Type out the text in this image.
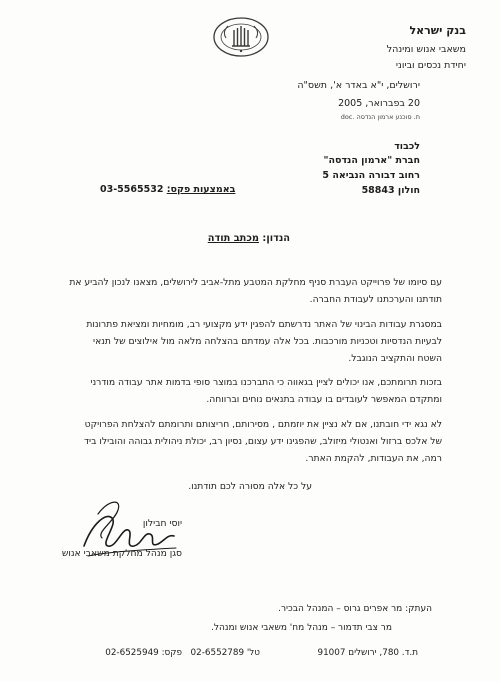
בנק ישראל
משאבי אנוש ומינהל
יחידת נכסים וביוני
ירושלים, י"א באדר א', תשס"ה
20 בפברואר, 2005
ת. סוכנע ארמון הנדסה .doc
לכבוד
חברת "ארמון הנדסה"
רחוב דבורה הנביאה 5
חולון 58843
באמצעות פקס: 03-5565532
הנדון: מכתב תודה
עם סיומו של פרוייקט העברת סניף מחלקת המטבע מתל-אביב לירושלים, מצאנו לנכון להביע את
תודתנו והערכתנו לעבודת החברה.
במסגרת עבודות הבינוי של האתר נדרשתם להפגין ידע מקצועי רב, מומחיות ומציאת פתרונות
לבעיות הנדסיות וטכניות מורכבות. בכל אלה עמדתם בהצלחה מלאה מול אילוצים של תנאי
השטח והתקציב הנוגבל.
בזכות תרומתכם, אנו יכולים לציין בגאווה כי התברכנו במוצר סופי בדמות אתר עבודה מודרני
ומתקדם המאפשר לעובדים בו עבודה בתנאים נוחים וברווחה.
לא נגא ידי חובתנו, אם לא נציין את יוזמתם , מסירותם, חריצותם ותרומתם להצלחת הפרויקט
של אלכס ברזול ואנטולי מיזולב, שהפגינו ידע עצום, נסיון רב, יכולת ניהולית גבוהה והובילו ביד
רמה, את העבודות, להקמת האתר.
על כל אלה מסורה לכם תודתנו.
יוסי חבילון
סגן מנהל מחלקת משאבי אנוש
העתק: מר אפרים גרוס – המנהל הבכיר.
מר צבי תדמור – מנהל מח' משאבי אנוש ומנהל.
ת.ד. 780, ירושלים 91007
טל' 02-6552789
פקס: 02-6525949
